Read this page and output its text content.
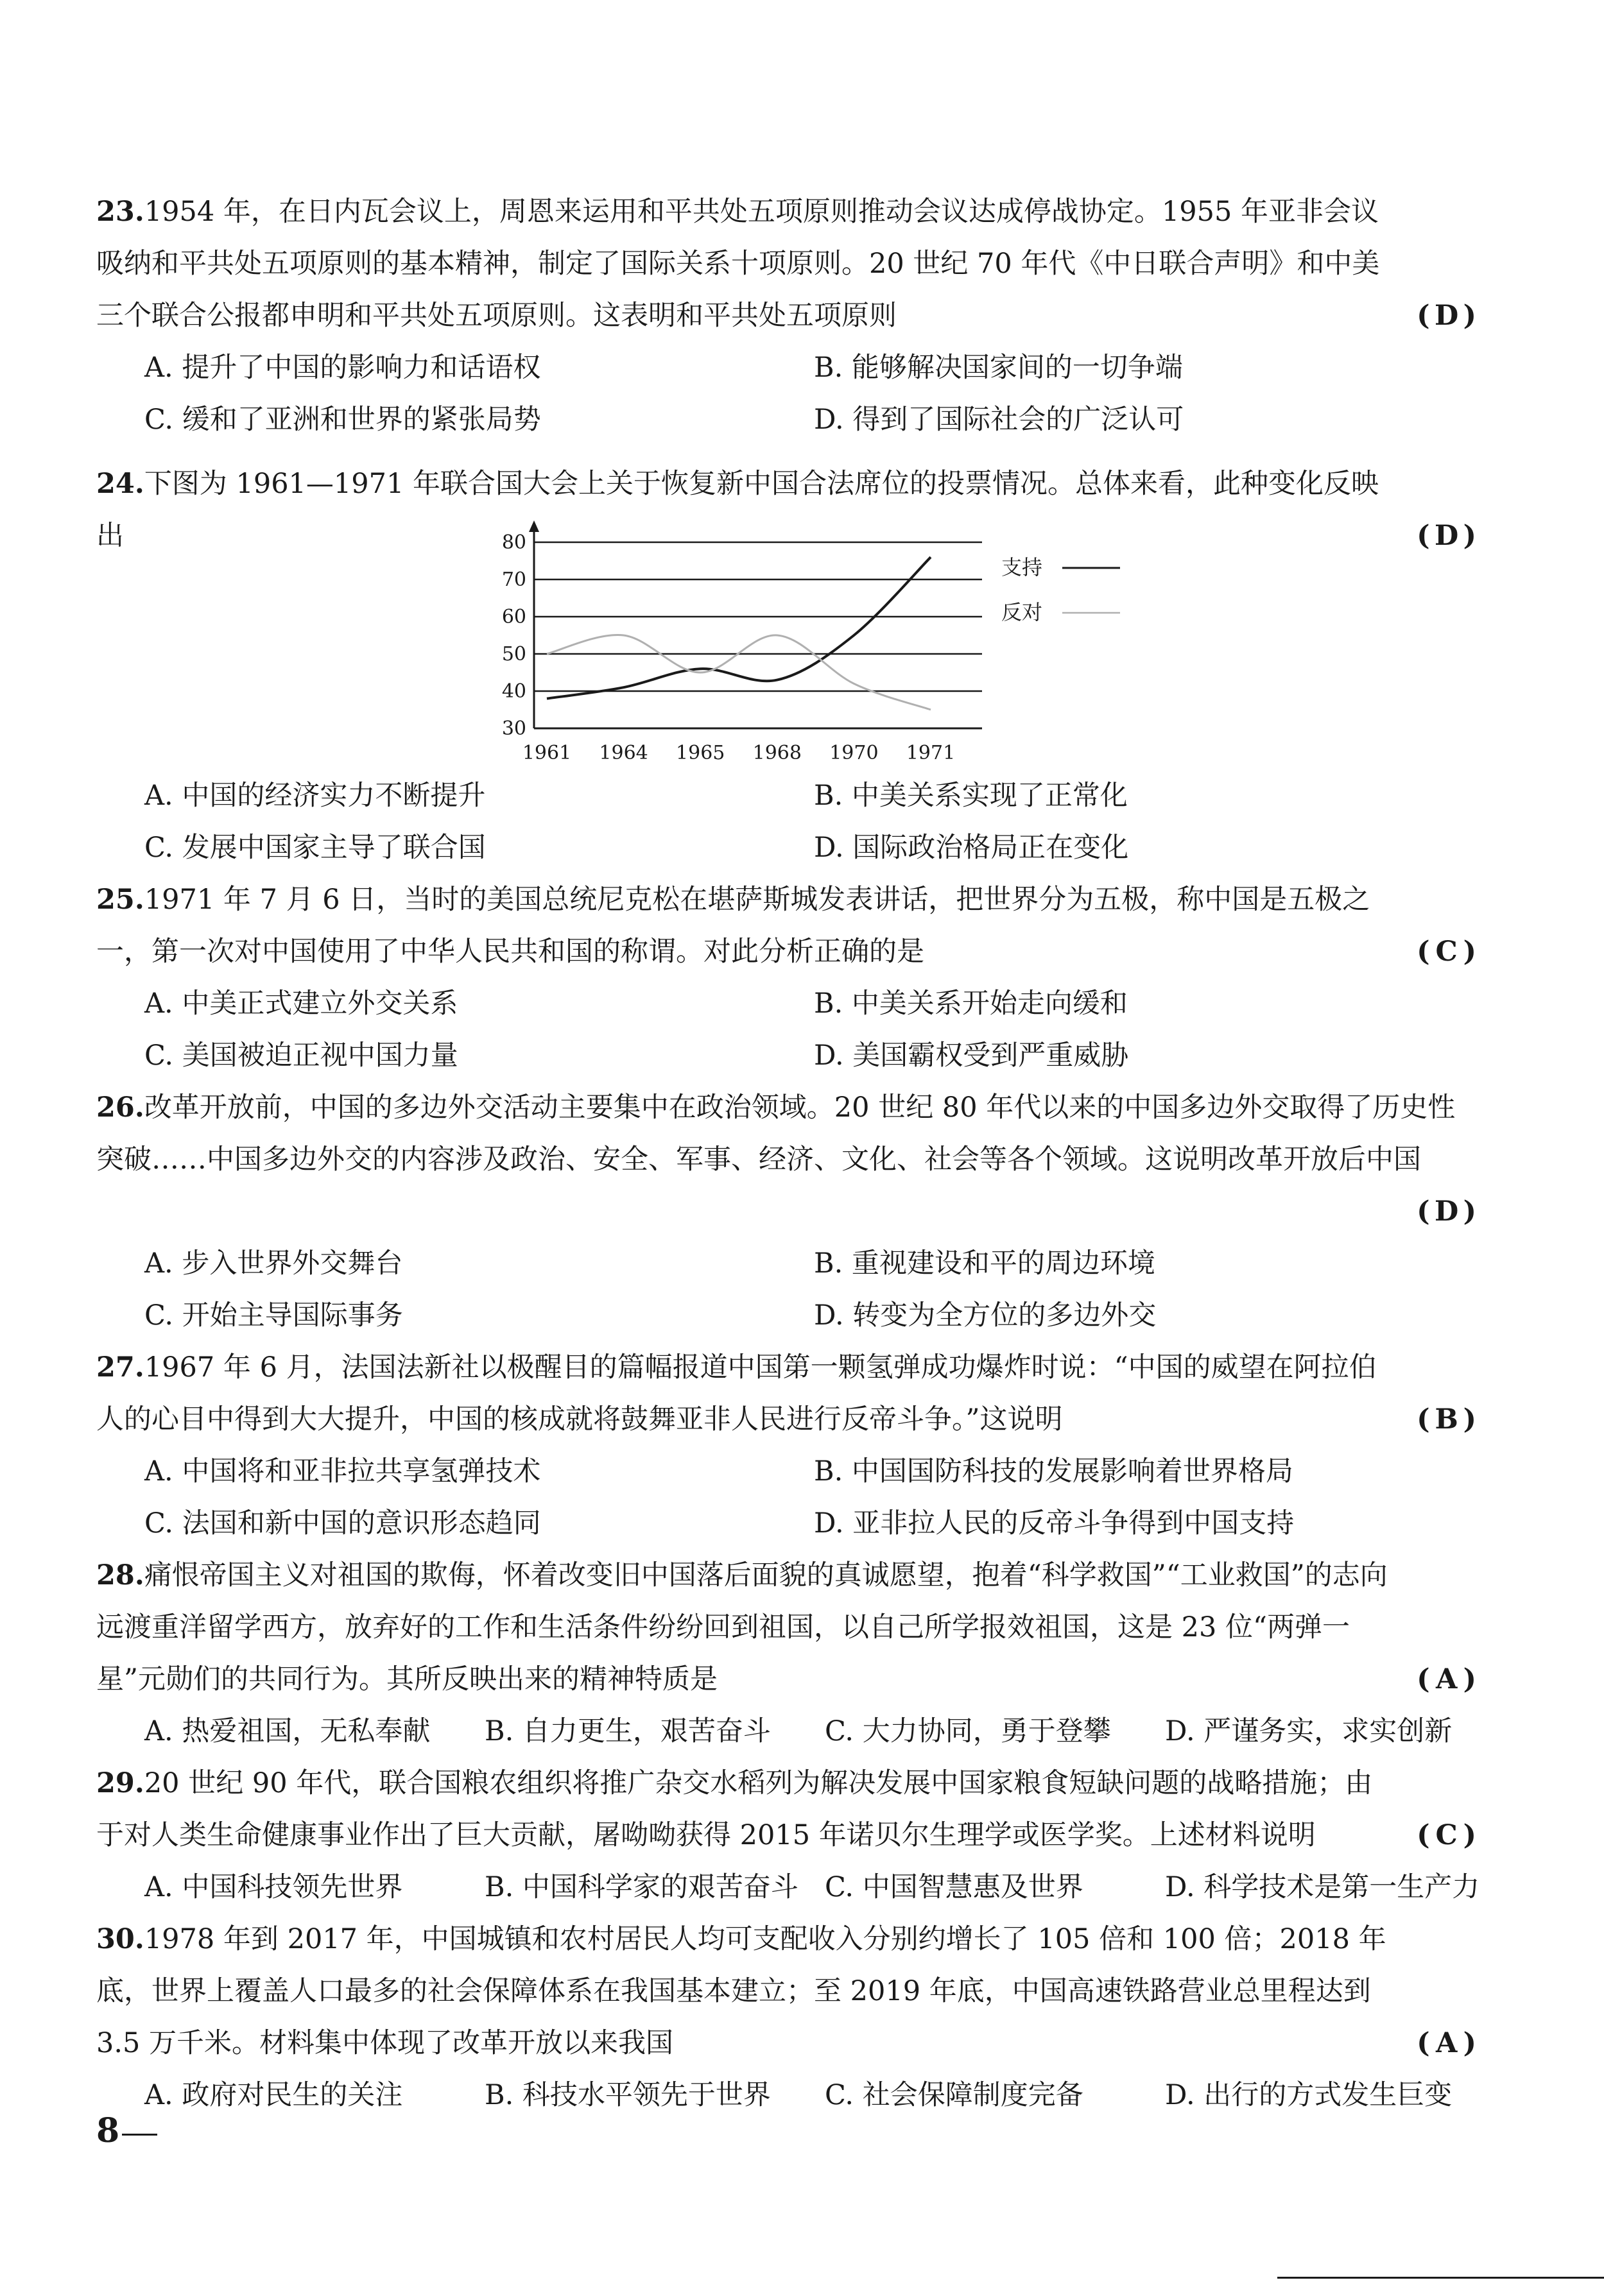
23.1954 年，在日内瓦会议上，周恩来运用和平共处五项原则推动会议达成停战协定。1955 年亚非会议吸纳和平共处五项原则的基本精神，制定了国际关系十项原则。20 世纪 70 年代《中日联合声明》和中美三个联合公报都申明和平共处五项原则。这表明和平共处五项原则	( D )
A. 提升了中国的影响力和话语权	B. 能够解决国家间的一切争端
C. 缓和了亚洲和世界的紧张局势	D. 得到了国际社会的广泛认可
24.下图为 1961—1971 年联合国大会上关于恢复新中国合法席位的投票情况。总体来看，此种变化反映出	( D )
30
40
50
60
70
80
1961 1964 1965 1968 1970 1971
支持
反对
A. 中国的经济实力不断提升	B. 中美关系实现了正常化
C. 发展中国家主导了联合国	D. 国际政治格局正在变化
25.1971 年 7 月 6 日，当时的美国总统尼克松在堪萨斯城发表讲话，把世界分为五极，称中国是五极之一，第一次对中国使用了中华人民共和国的称谓。对此分析正确的是	( C )
A. 中美正式建立外交关系	B. 中美关系开始走向缓和
C. 美国被迫正视中国力量	D. 美国霸权受到严重威胁
26.改革开放前，中国的多边外交活动主要集中在政治领域。20 世纪 80 年代以来的中国多边外交取得了历史性突破……中国多边外交的内容涉及政治、安全、军事、经济、文化、社会等各个领域。这说明改革开放后中国
( D )
A. 步入世界外交舞台	B. 重视建设和平的周边环境
C. 开始主导国际事务	D. 转变为全方位的多边外交
27.1967 年 6 月，法国法新社以极醒目的篇幅报道中国第一颗氢弹成功爆炸时说：“中国的威望在阿拉伯人的心目中得到大大提升，中国的核成就将鼓舞亚非人民进行反帝斗争。”这说明	( B )
A. 中国将和亚非拉共享氢弹技术	B. 中国国防科技的发展影响着世界格局
C. 法国和新中国的意识形态趋同	D. 亚非拉人民的反帝斗争得到中国支持
28.痛恨帝国主义对祖国的欺侮，怀着改变旧中国落后面貌的真诚愿望，抱着“科学救国”“工业救国”的志向远渡重洋留学西方，放弃好的工作和生活条件纷纷回到祖国，以自己所学报效祖国，这是 23 位“两弹一星”元勋们的共同行为。其所反映出来的精神特质是	( A )
A. 热爱祖国，无私奉献	B. 自力更生，艰苦奋斗	C. 大力协同，勇于登攀	D. 严谨务实，求实创新
29.20 世纪 90 年代，联合国粮农组织将推广杂交水稻列为解决发展中国家粮食短缺问题的战略措施；由于对人类生命健康事业作出了巨大贡献，屠呦呦获得 2015 年诺贝尔生理学或医学奖。上述材料说明	( C )
A. 中国科技领先世界	B. 中国科学家的艰苦奋斗 C. 中国智慧惠及世界	D. 科学技术是第一生产力
30.1978 年到 2017 年，中国城镇和农村居民人均可支配收入分别约增长了 105 倍和 100 倍；2018 年底，世界上覆盖人口最多的社会保障体系在我国基本建立；至 2019 年底，中国高速铁路营业总里程达到 3.5 万千米。材料集中体现了改革开放以来我国	( A )
A. 政府对民生的关注	B. 科技水平领先于世界	C. 社会保障制度完备	D. 出行的方式发生巨变
8
